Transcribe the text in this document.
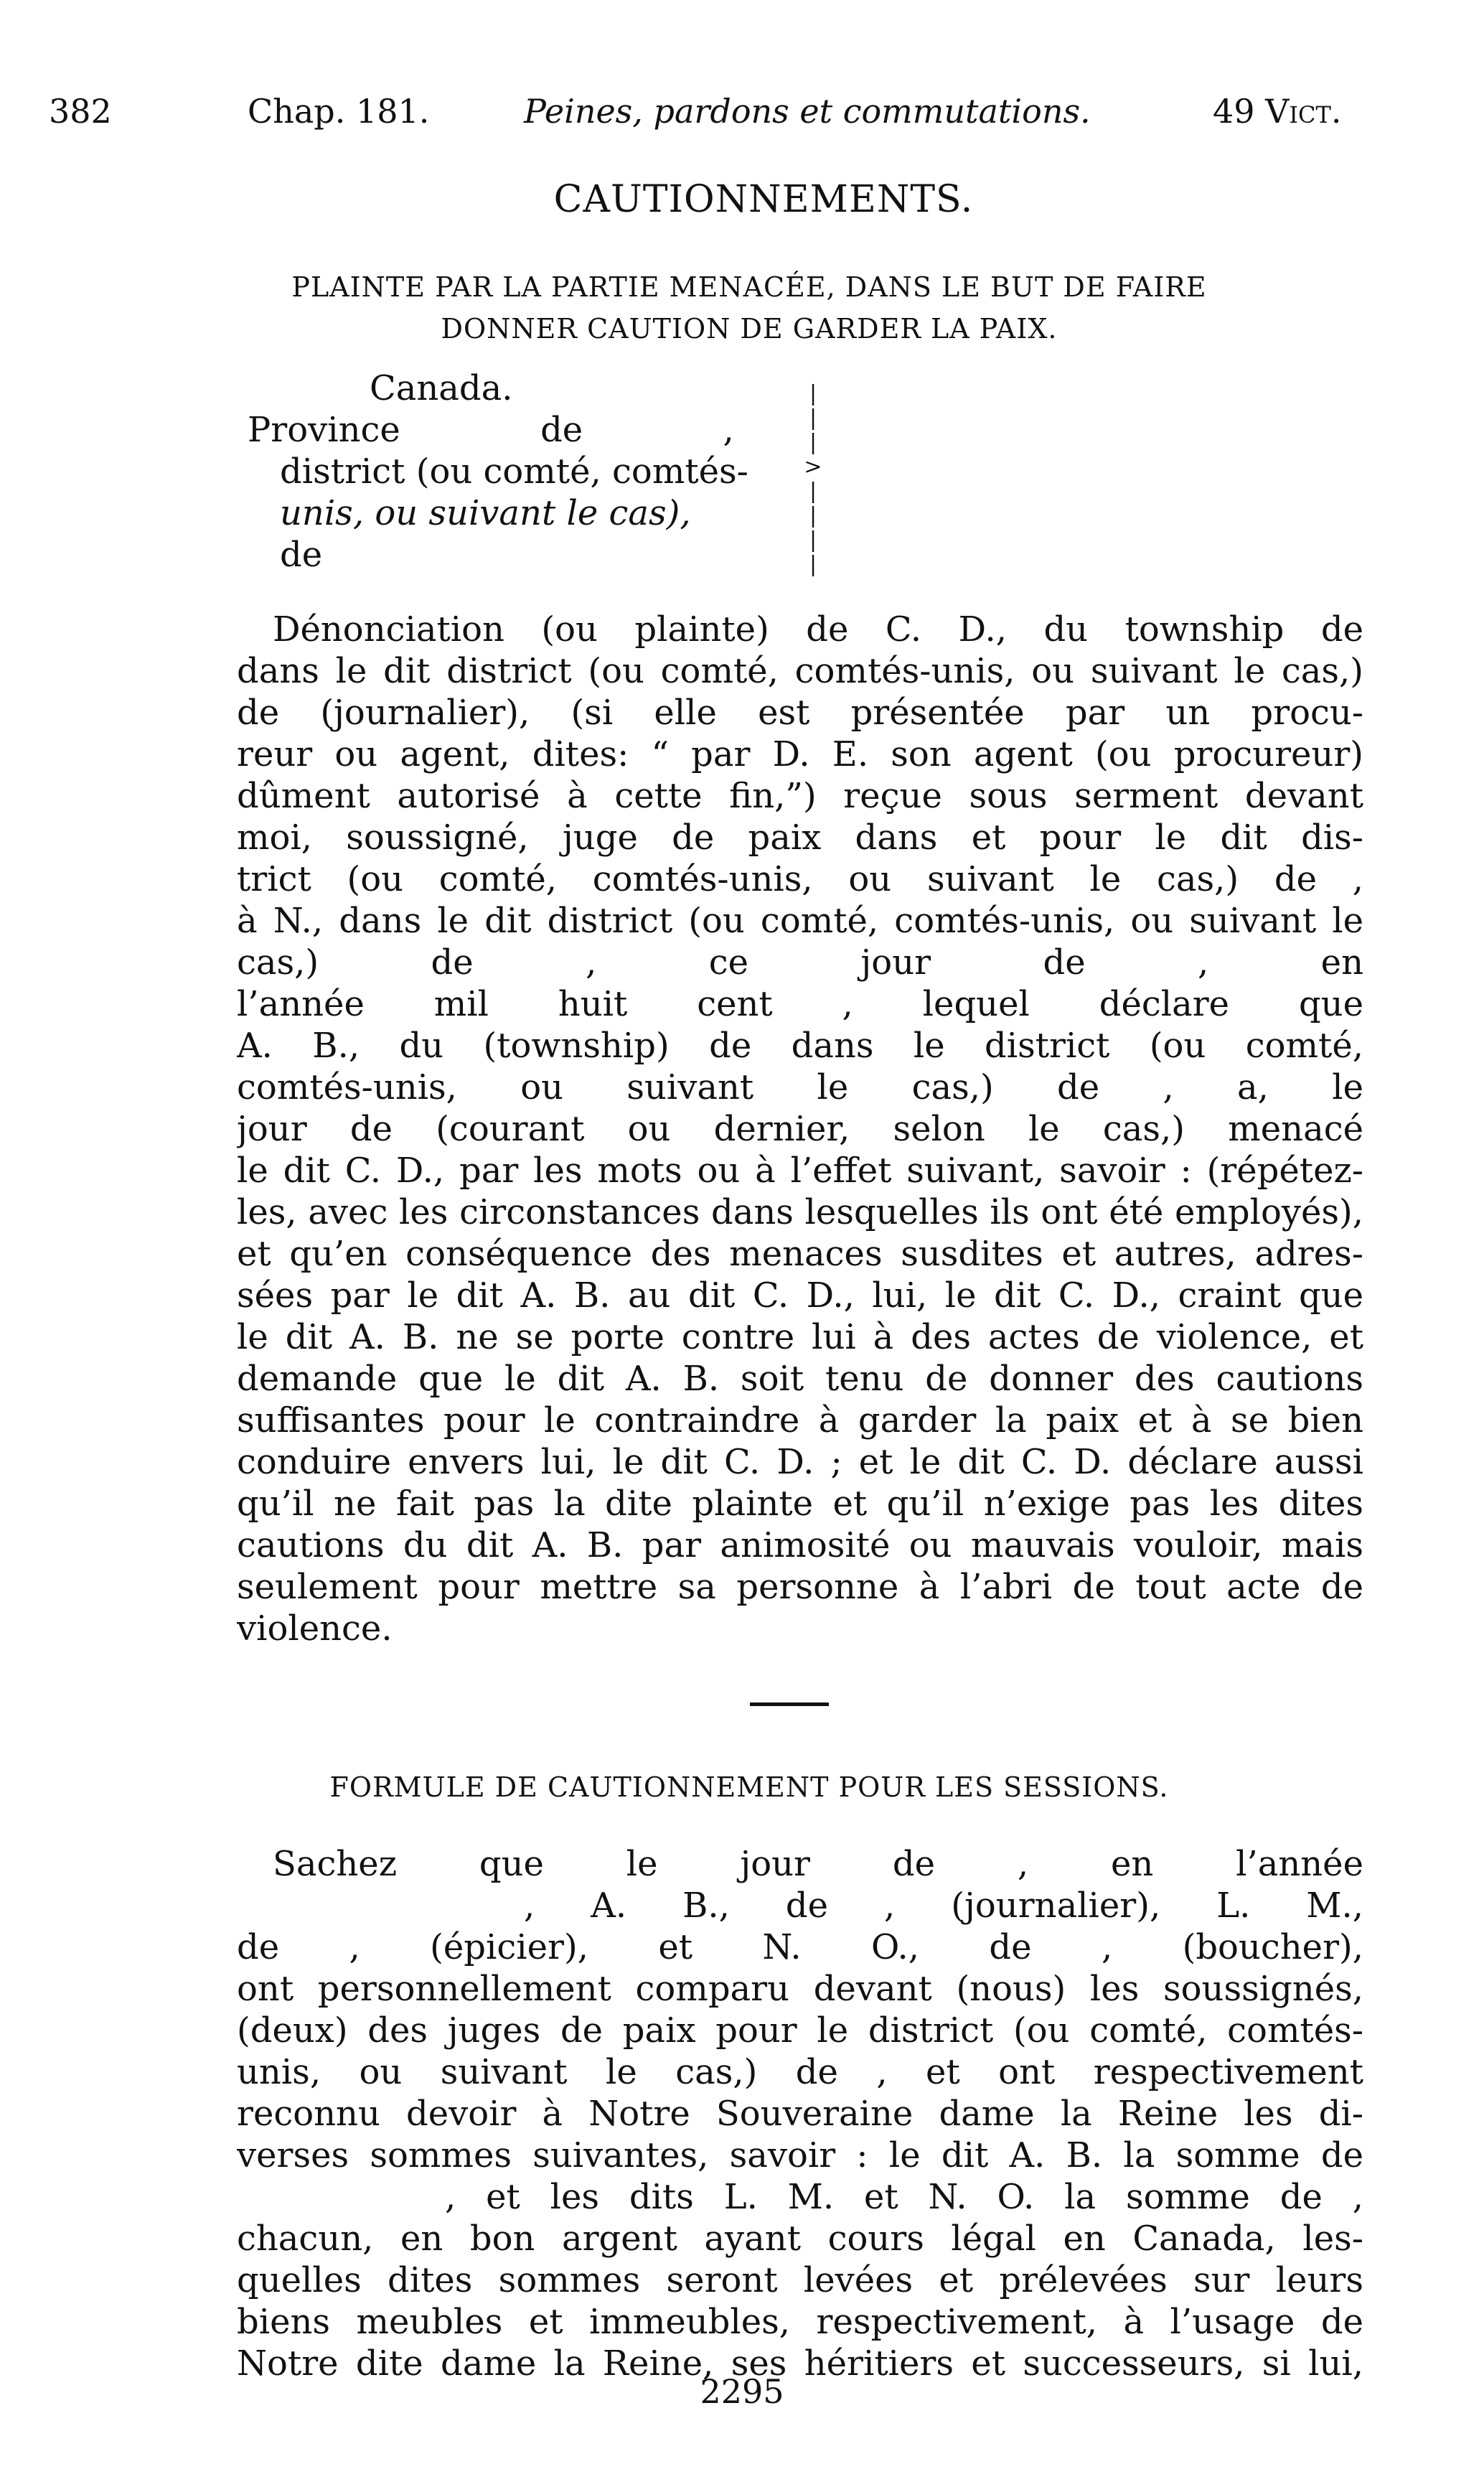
382	Chap. 181.	Peines, pardons et commutations.	49 Vict.
CAUTIONNEMENTS.
PLAINTE PAR LA PARTIE MENACÉE, DANS LE BUT DE FAIRE
DONNER CAUTION DE GARDER LA PAIX.
Canada.
Province de ,
district (ou comté, comtés-
unis, ou suivant le cas),
de
|
|
|
>
|
|
|
|
Dénonciation (ou plainte) de C. D., du township de
dans le dit district (ou comté, comtés-unis, ou suivant le cas,)
de (journalier), (si elle est présentée par un procu-
reur ou agent, dites: “ par D. E. son agent (ou procureur)
dûment autorisé à cette fin,”) reçue sous serment devant
moi, soussigné, juge de paix dans et pour le dit dis-
trict (ou comté, comtés-unis, ou suivant le cas,) de ,
à N., dans le dit district (ou comté, comtés-unis, ou suivant le
cas,) de , ce jour de , en
l’année mil huit cent , lequel déclare que
A. B., du (township) de dans le district (ou comté,
comtés-unis, ou suivant le cas,) de , a, le
jour de (courant ou dernier, selon le cas,) menacé
le dit C. D., par les mots ou à l’effet suivant, savoir : (répétez-
les, avec les circonstances dans lesquelles ils ont été employés),
et qu’en conséquence des menaces susdites et autres, adres-
sées par le dit A. B. au dit C. D., lui, le dit C. D., craint que
le dit A. B. ne se porte contre lui à des actes de violence, et
demande que le dit A. B. soit tenu de donner des cautions
suffisantes pour le contraindre à garder la paix et à se bien
conduire envers lui, le dit C. D. ; et le dit C. D. déclare aussi
qu’il ne fait pas la dite plainte et qu’il n’exige pas les dites
cautions du dit A. B. par animosité ou mauvais vouloir, mais
seulement pour mettre sa personne à l’abri de tout acte de
violence.
FORMULE DE CAUTIONNEMENT POUR LES SESSIONS.
Sachez que le jour de , en l’année
, A. B., de , (journalier), L. M.,
de , (épicier), et N. O., de , (boucher),
ont personnellement comparu devant (nous) les soussignés,
(deux) des juges de paix pour le district (ou comté, comtés-
unis, ou suivant le cas,) de , et ont respectivement
reconnu devoir à Notre Souveraine dame la Reine les di-
verses sommes suivantes, savoir : le dit A. B. la somme de
, et les dits L. M. et N. O. la somme de ,
chacun, en bon argent ayant cours légal en Canada, les-
quelles dites sommes seront levées et prélevées sur leurs
biens meubles et immeubles, respectivement, à l’usage de
Notre dite dame la Reine, ses héritiers et successeurs, si lui,
2295
